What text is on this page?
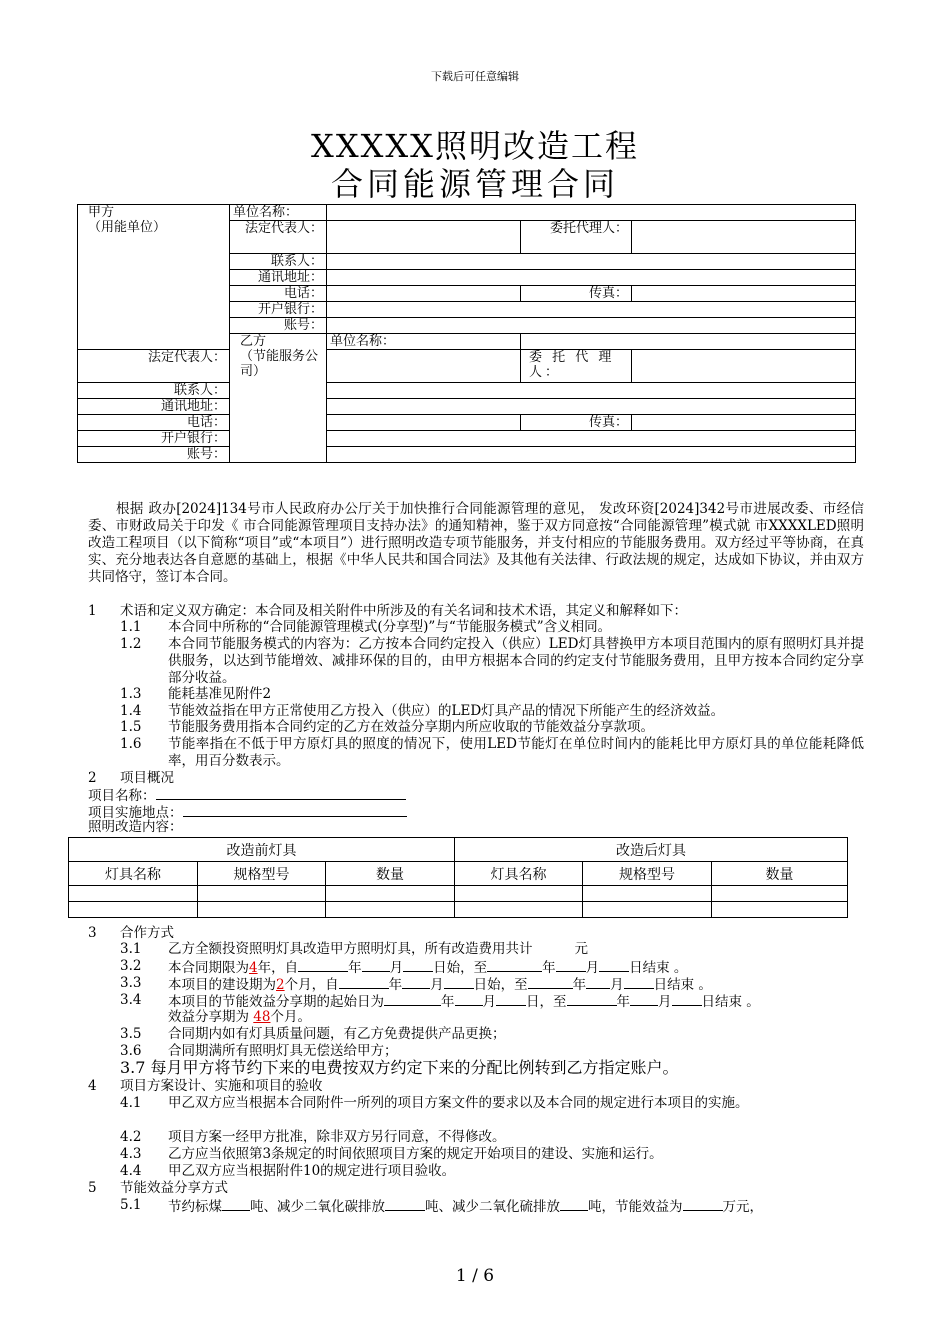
下载后可任意编辑
XXXXX照明改造工程
合同能源管理合同
甲方
（用能单位）	单位名称：			
	法定代表人：		委托代理人：	
	联系人：			
	通讯地址：			
	电话：		传真：	
	开户银行：			
	账号：			

	乙方
（节能服务公司）	单位名称：		
法定代表人：			委 托 代 理人：	
联系人：				
通讯地址：				
电话：			传真：	
开户银行：				
账号：				
根据 政办[2024]134号市人民政府办公厅关于加快推行合同能源管理的意见， 发改环资[2024]342号市进展改委、市经信委、市财政局关于印发《 市合同能源管理项目支持办法》的通知精神，鉴于双方同意按“合同能源管理”模式就 市XXXXLED照明改造工程项目（以下简称“项目”或“本项目”）进行照明改造专项节能服务，并支付相应的节能服务费用。双方经过平等协商，在真实、充分地表达各自意愿的基础上，根据《中华人民共和国合同法》及其他有关法律、行政法规的规定，达成如下协议，并由双方共同恪守，签订本合同。
1 术语和定义双方确定：本合同及相关附件中所涉及的有关名词和技术术语，其定义和解释如下：
1.1 本合同中所称的“合同能源管理模式(分享型)”与“节能服务模式”含义相同。
1.2 本合同节能服务模式的内容为：乙方按本合同约定投入（供应）LED灯具替换甲方本项目范围内的原有照明灯具并提供服务，以达到节能增效、减排环保的目的，由甲方根据本合同的约定支付节能服务费用，且甲方按本合同约定分享部分收益。
1.3 能耗基准见附件2
1.4 节能效益指在甲方正常使用乙方投入（供应）的LED灯具产品的情况下所能产生的经济效益。
1.5 节能服务费用指本合同约定的乙方在效益分享期内所应收取的节能效益分享款项。
1.6 节能率指在不低于甲方原灯具的照度的情况下，使用LED节能灯在单位时间内的能耗比甲方原灯具的单位能耗降低率，用百分数表示。
2 项目概况
项目名称：
项目实施地点：
照明改造内容：
改造前灯具			改造后灯具		
灯具名称	规格型号	数量	灯具名称	规格型号	数量

3 合作方式
3.1 乙方全额投资照明灯具改造甲方照明灯具，所有改造费用共计	元
3.2 本合同期限为4年，自	年 月 日始，至	年 月 日结束 。
3.3 本项目的建设期为2个月，自	年 月 日始，至	年 月 日结束 。
3.4 本项目的节能效益分享期的起始日为	年 月 日，至	年 月 日结束 。
效益分享期为 48个月。
3.5 合同期内如有灯具质量问题，有乙方免费提供产品更换；
3.6 合同期满所有照明灯具无偿送给甲方；
3.7 每月甲方将节约下来的电费按双方约定下来的分配比例转到乙方指定账户。
4 项目方案设计、实施和项目的验收
4.1 甲乙双方应当根据本合同附件一所列的项目方案文件的要求以及本合同的规定进行本项目的实施。
4.2 项目方案一经甲方批准，除非双方另行同意，不得修改。
4.3 乙方应当依照第3条规定的时间依照项目方案的规定开始项目的建设、实施和运行。
4.4 甲乙双方应当根据附件10的规定进行项目验收。
5 节能效益分享方式
5.1 节约标煤 吨、减少二氧化碳排放	吨、减少二氧化硫排放 吨，节能效益为	万元，
1 / 6
